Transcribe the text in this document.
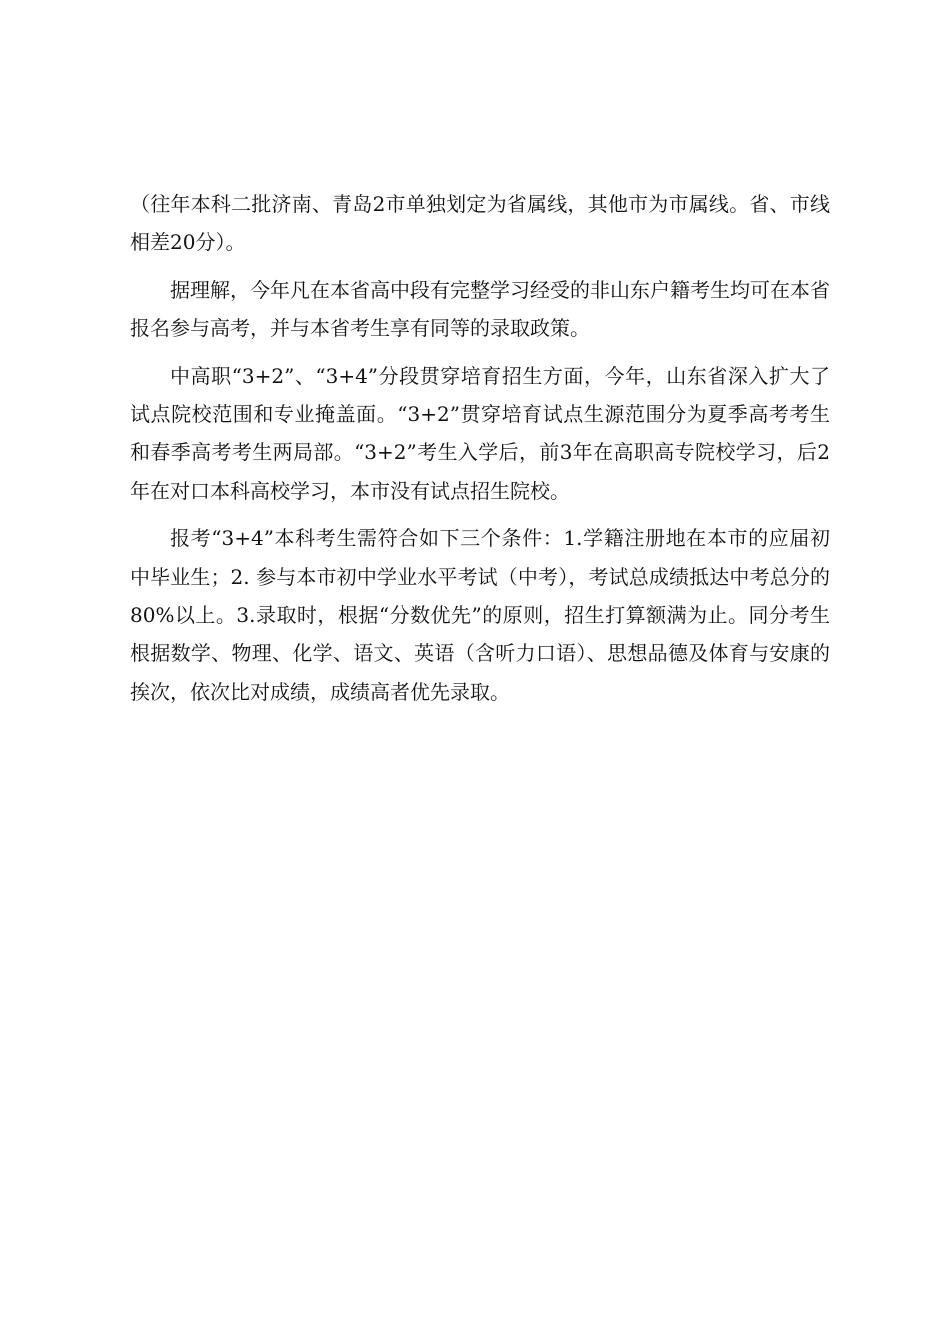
（往年本科二批济南、青岛2市单独划定为省属线，其他市为市属线。省、市线相差20分）。

据理解，今年凡在本省高中段有完整学习经受的非山东户籍考生均可在本省报名参与高考，并与本省考生享有同等的录取政策。

中高职“3+2”、“3+4”分段贯穿培育招生方面，今年，山东省深入扩大了试点院校范围和专业掩盖面。“3+2”贯穿培育试点生源范围分为夏季高考考生和春季高考考生两局部。“3+2”考生入学后，前3年在高职高专院校学习，后2年在对口本科高校学习，本市没有试点招生院校。

报考“3+4”本科考生需符合如下三个条件：1.学籍注册地在本市的应届初中毕业生；2. 参与本市初中学业水平考试（中考），考试总成绩抵达中考总分的80%以上。3.录取时，根据“分数优先”的原则，招生打算额满为止。同分考生根据数学、物理、化学、语文、英语（含听力口语）、思想品德及体育与安康的挨次，依次比对成绩，成绩高者优先录取。
